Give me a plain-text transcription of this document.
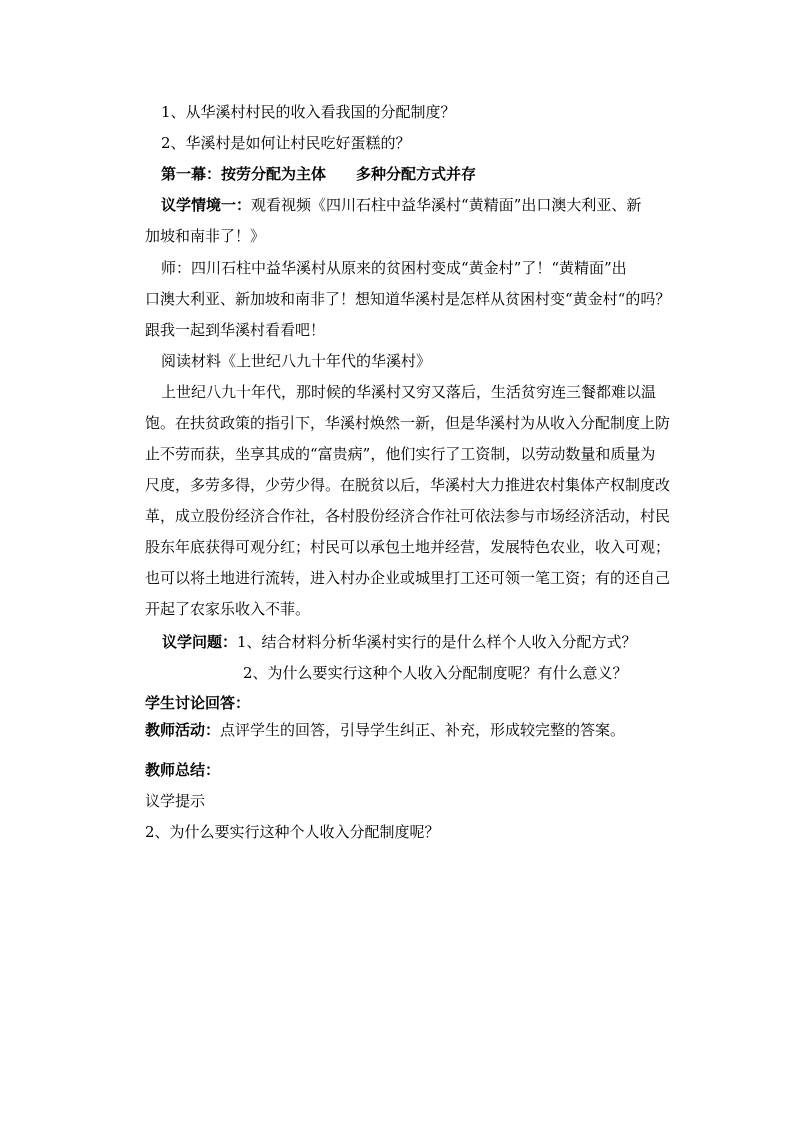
1、从华溪村村民的收入看我国的分配制度？
2、华溪村是如何让村民吃好蛋糕的？
第一幕：按劳分配为主体　　多种分配方式并存
议学情境一：观看视频《四川石柱中益华溪村“黄精面”出口澳大利亚、新
加坡和南非了！》
师：四川石柱中益华溪村从原来的贫困村变成“黄金村”了！“黄精面”出
口澳大利亚、新加坡和南非了！想知道华溪村是怎样从贫困村变“黄金村“的吗？
跟我一起到华溪村看看吧！
阅读材料《上世纪八九十年代的华溪村》
上世纪八九十年代，那时候的华溪村又穷又落后，生活贫穷连三餐都难以温
饱。在扶贫政策的指引下，华溪村焕然一新，但是华溪村为从收入分配制度上防
止不劳而获，坐享其成的“富贵病”，他们实行了工资制，以劳动数量和质量为
尺度，多劳多得，少劳少得。在脱贫以后，华溪村大力推进农村集体产权制度改
革，成立股份经济合作社，各村股份经济合作社可依法参与市场经济活动，村民
股东年底获得可观分红；村民可以承包土地并经营，发展特色农业，收入可观；
也可以将土地进行流转，进入村办企业或城里打工还可领一笔工资；有的还自己
开起了农家乐收入不菲。
议学问题：1、结合材料分析华溪村实行的是什么样个人收入分配方式？
2、为什么要实行这种个人收入分配制度呢？有什么意义？
学生讨论回答：
教师活动：点评学生的回答，引导学生纠正、补充，形成较完整的答案。
教师总结：
议学提示
2、为什么要实行这种个人收入分配制度呢？
